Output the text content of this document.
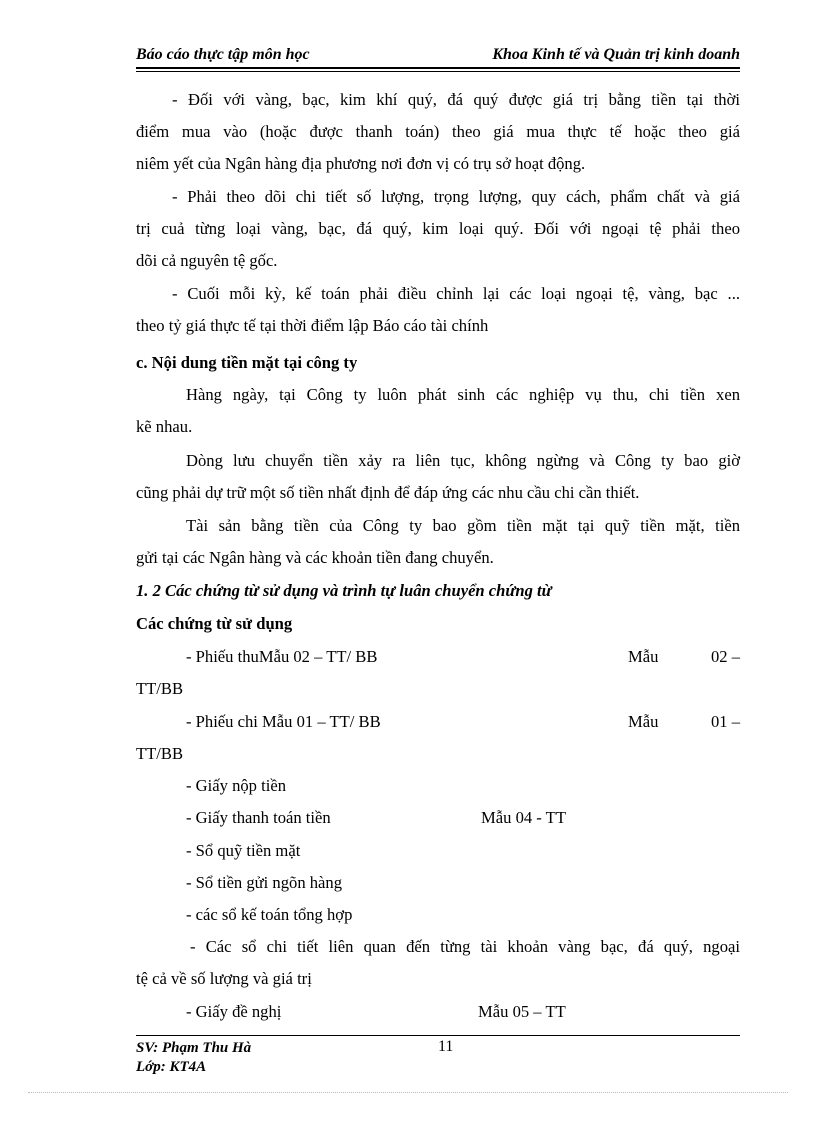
Báo cáo thực tập môn học	Khoa Kinh tế và Quản trị kinh doanh
- Đối với vàng, bạc, kim khí quý, đá quý được giá trị bằng tiền tại thời
điểm mua vào (hoặc được thanh toán) theo giá mua thực tế hoặc theo giá
niêm yết của Ngân hàng địa phương nơi đơn vị có trụ sở hoạt động.
- Phải theo dõi chi tiết số lượng, trọng lượng, quy cách, phẩm chất và giá
trị cuả từng loại vàng, bạc, đá quý, kim loại quý. Đối với ngoại tệ phải theo
dõi cả nguyên tệ gốc.
- Cuối mỗi kỳ, kế toán phải điều chỉnh lại các loại ngoại tệ, vàng, bạc ...
theo tỷ giá thực tế tại thời điểm lập Báo cáo tài chính
c. Nội dung tiền mặt tại công ty
Hàng ngày, tại Công ty luôn phát sinh các nghiệp vụ thu, chi tiền xen
kẽ nhau.
Dòng lưu chuyển tiền xảy ra liên tục, không ngừng và Công ty bao giờ
cũng phải dự trữ một số tiền nhất định để đáp ứng các nhu cầu chi cần thiết.
Tài sản bằng tiền của Công ty bao gồm tiền mặt tại quỹ tiền mặt, tiền
gửi tại các Ngân hàng và các khoản tiền đang chuyển.
1. 2 Các chứng từ sử dụng và trình tự luân chuyển chứng từ
Các chứng từ sử dụng
- Phiếu thuMẫu 02 – TT/ BB	Mẫu	02 –
TT/BB
- Phiếu chi Mẫu 01 – TT/ BB	Mẫu	01 –
TT/BB
- Giấy nộp tiền
- Giấy thanh toán tiền	Mẫu 04 - TT
- Sổ quỹ tiền mặt
- Sổ tiền gửi ngõn hàng
- các sổ kế toán tổng hợp
- Các sổ chi tiết liên quan đến từng tài khoản vàng bạc, đá quý, ngoại
tệ cả về số lượng và giá trị
- Giấy đề nghị	Mẫu 05 – TT
SV: Phạm Thu Hà	11
Lớp: KT4A
